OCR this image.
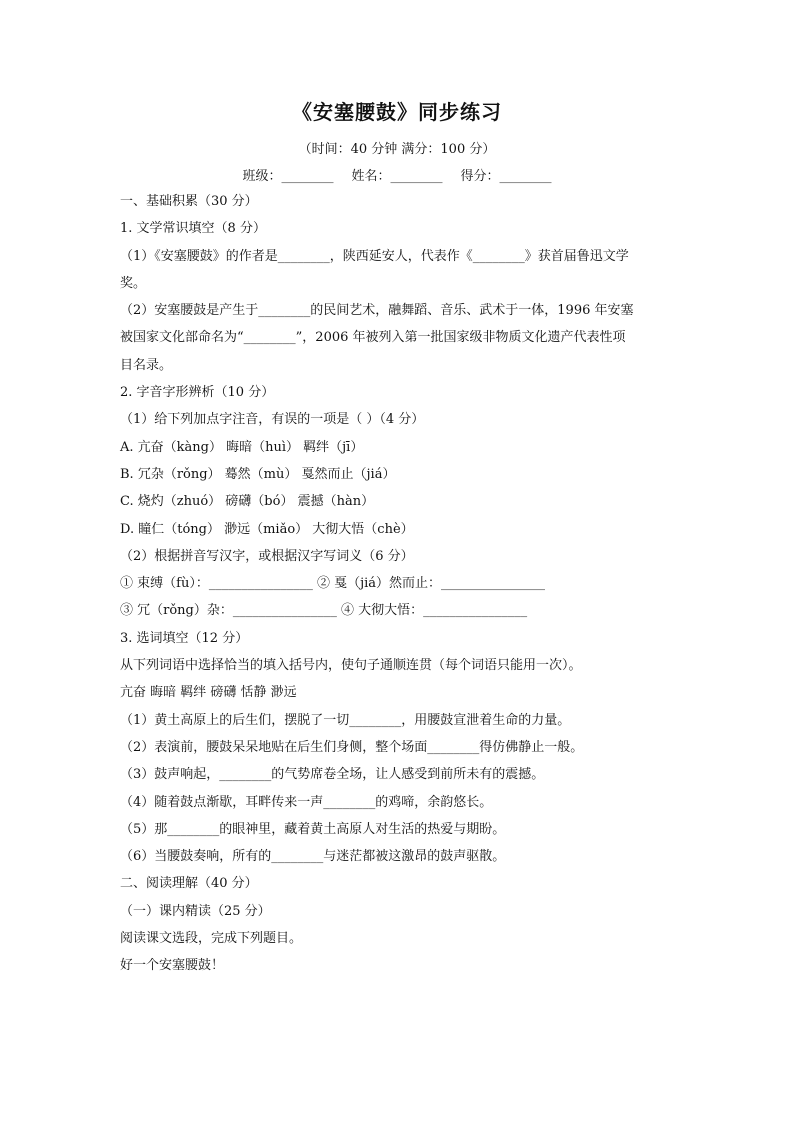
《安塞腰鼓》同步练习
（时间：40 分钟 满分：100 分）
班级：________ 姓名：________ 得分：________
一、基础积累（30 分）
1. 文学常识填空（8 分）
（1）《安塞腰鼓》的作者是________，陕西延安人，代表作《________》获首届鲁迅文学
奖。
（2）安塞腰鼓是产生于________的民间艺术，融舞蹈、音乐、武术于一体，1996 年安塞
被国家文化部命名为“________”，2006 年被列入第一批国家级非物质文化遗产代表性项
目名录。
2. 字音字形辨析（10 分）
（1）给下列加点字注音，有误的一项是（ ）（4 分）
A. 亢奋（kàng） 晦暗（huì） 羁绊（jī）
B. 冗杂（rǒng） 蓦然（mù） 戛然而止（jiá）
C. 烧灼（zhuó） 磅礴（bó） 震撼（hàn）
D. 瞳仁（tóng） 渺远（miǎo） 大彻大悟（chè）
（2）根据拼音写汉字，或根据汉字写词义（6 分）
① 束缚（fù）：________________ ② 戛（jiá）然而止：________________
③ 冗（rǒng）杂：________________ ④ 大彻大悟：________________
3. 选词填空（12 分）
从下列词语中选择恰当的填入括号内，使句子通顺连贯（每个词语只能用一次）。
亢奋 晦暗 羁绊 磅礴 恬静 渺远
（1）黄土高原上的后生们，摆脱了一切________，用腰鼓宣泄着生命的力量。
（2）表演前，腰鼓呆呆地贴在后生们身侧，整个场面________得仿佛静止一般。
（3）鼓声响起，________的气势席卷全场，让人感受到前所未有的震撼。
（4）随着鼓点渐歇，耳畔传来一声________的鸡啼，余韵悠长。
（5）那________的眼神里，藏着黄土高原人对生活的热爱与期盼。
（6）当腰鼓奏响，所有的________与迷茫都被这激昂的鼓声驱散。
二、阅读理解（40 分）
（一）课内精读（25 分）
阅读课文选段，完成下列题目。
好一个安塞腰鼓！
